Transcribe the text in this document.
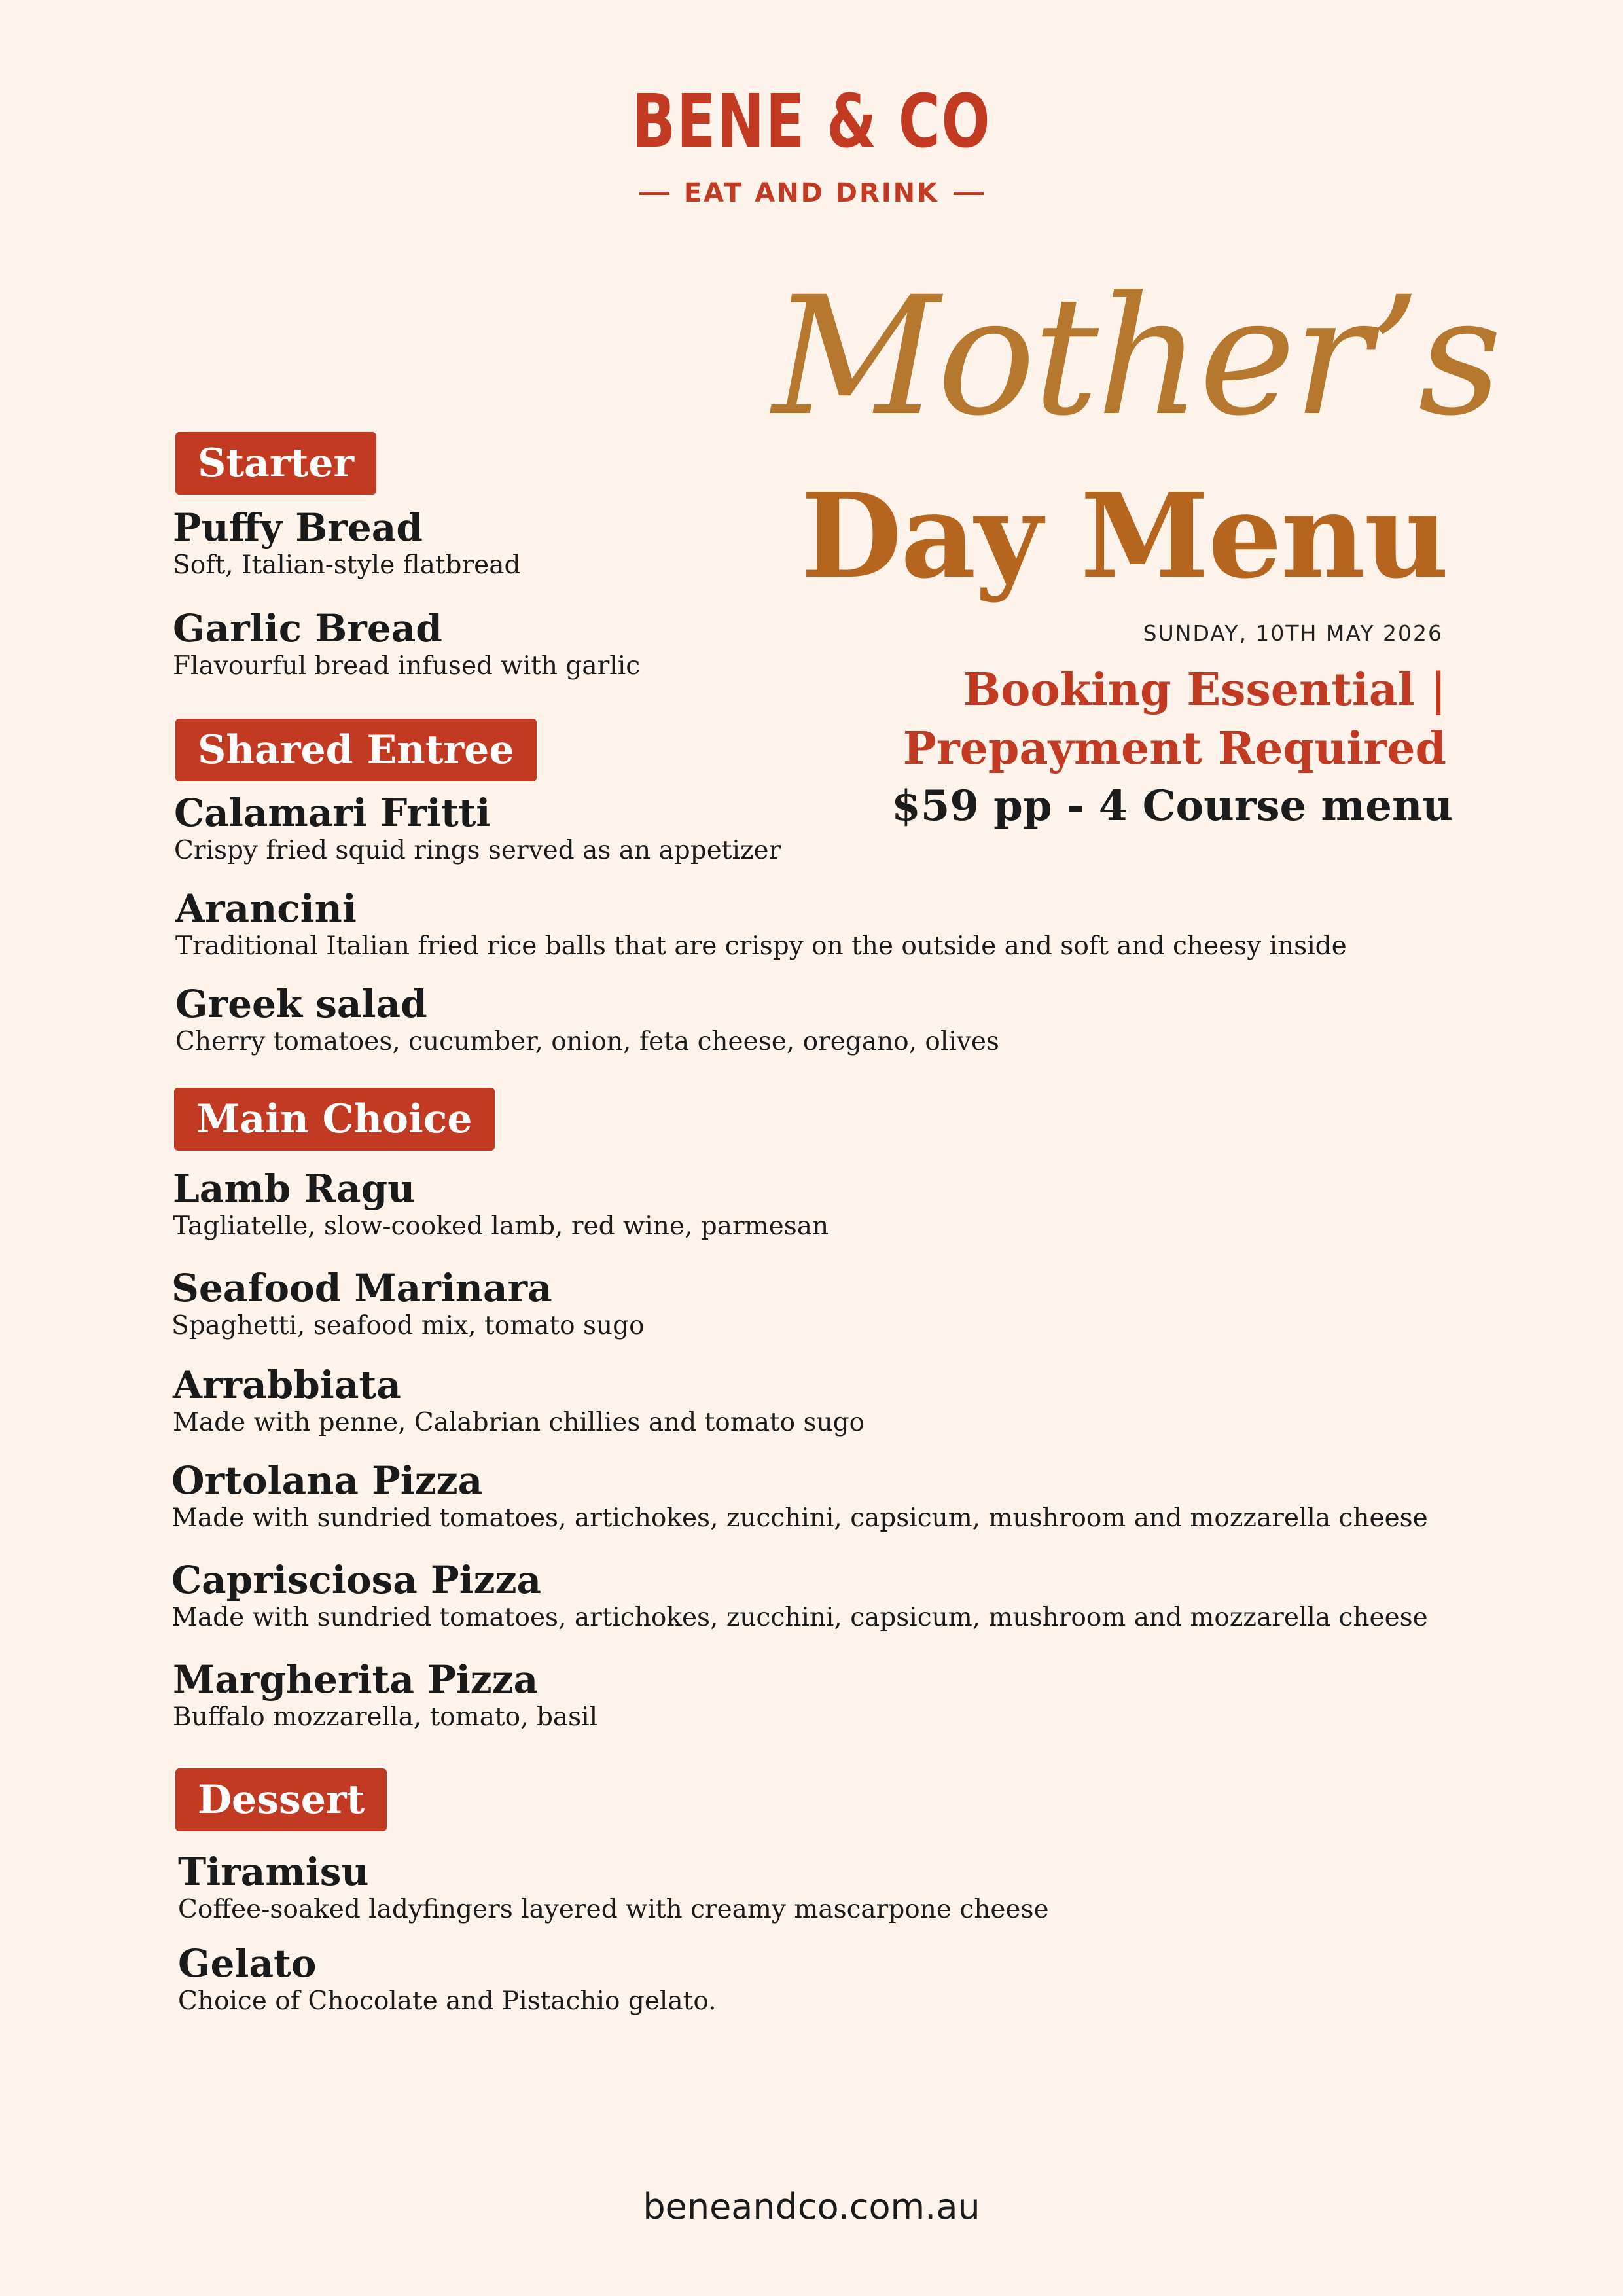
BENE & CO
EAT AND DRINK
Mother’s
Day Menu
SUNDAY, 10TH MAY 2026
Booking Essential |
Prepayment Required
$59 pp - 4 Course menu
Starter
Puffy Bread
Soft, Italian-style flatbread
Garlic Bread
Flavourful bread infused with garlic
Shared Entree
Calamari Fritti
Crispy fried squid rings served as an appetizer
Arancini
Traditional Italian fried rice balls that are crispy on the outside and soft and cheesy inside
Greek salad
Cherry tomatoes, cucumber, onion, feta cheese, oregano, olives
Main Choice
Lamb Ragu
Tagliatelle, slow-cooked lamb, red wine, parmesan
Seafood Marinara
Spaghetti, seafood mix, tomato sugo
Arrabbiata
Made with penne, Calabrian chillies and tomato sugo
Ortolana Pizza
Made with sundried tomatoes, artichokes, zucchini, capsicum, mushroom and mozzarella cheese
Caprisciosa Pizza
Made with sundried tomatoes, artichokes, zucchini, capsicum, mushroom and mozzarella cheese
Margherita Pizza
Buffalo mozzarella, tomato, basil
Dessert
Tiramisu
Coffee-soaked ladyfingers layered with creamy mascarpone cheese
Gelato
Choice of Chocolate and Pistachio gelato.
beneandco.com.au
